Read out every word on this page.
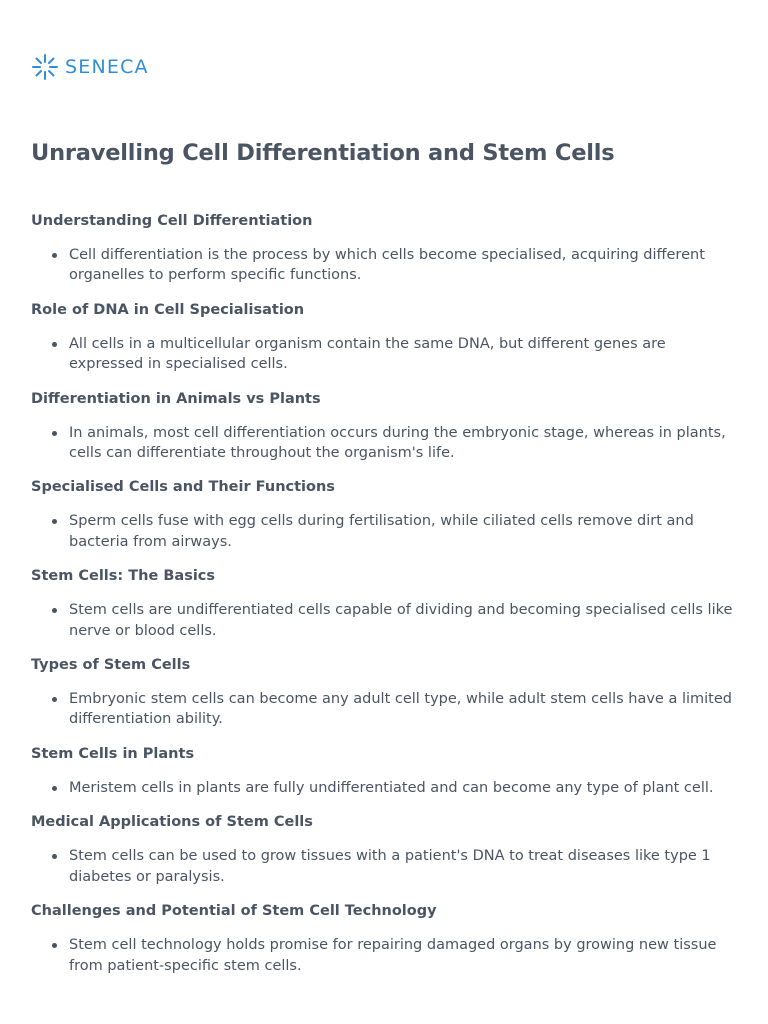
SENECA
Unravelling Cell Differentiation and Stem Cells
Understanding Cell Differentiation
Cell differentiation is the process by which cells become specialised, acquiring different organelles to perform specific functions.
Role of DNA in Cell Specialisation
All cells in a multicellular organism contain the same DNA, but different genes are expressed in specialised cells.
Differentiation in Animals vs Plants
In animals, most cell differentiation occurs during the embryonic stage, whereas in plants, cells can differentiate throughout the organism's life.
Specialised Cells and Their Functions
Sperm cells fuse with egg cells during fertilisation, while ciliated cells remove dirt and bacteria from airways.
Stem Cells: The Basics
Stem cells are undifferentiated cells capable of dividing and becoming specialised cells like nerve or blood cells.
Types of Stem Cells
Embryonic stem cells can become any adult cell type, while adult stem cells have a limited differentiation ability.
Stem Cells in Plants
Meristem cells in plants are fully undifferentiated and can become any type of plant cell.
Medical Applications of Stem Cells
Stem cells can be used to grow tissues with a patient's DNA to treat diseases like type 1 diabetes or paralysis.
Challenges and Potential of Stem Cell Technology
Stem cell technology holds promise for repairing damaged organs by growing new tissue from patient-specific stem cells.
